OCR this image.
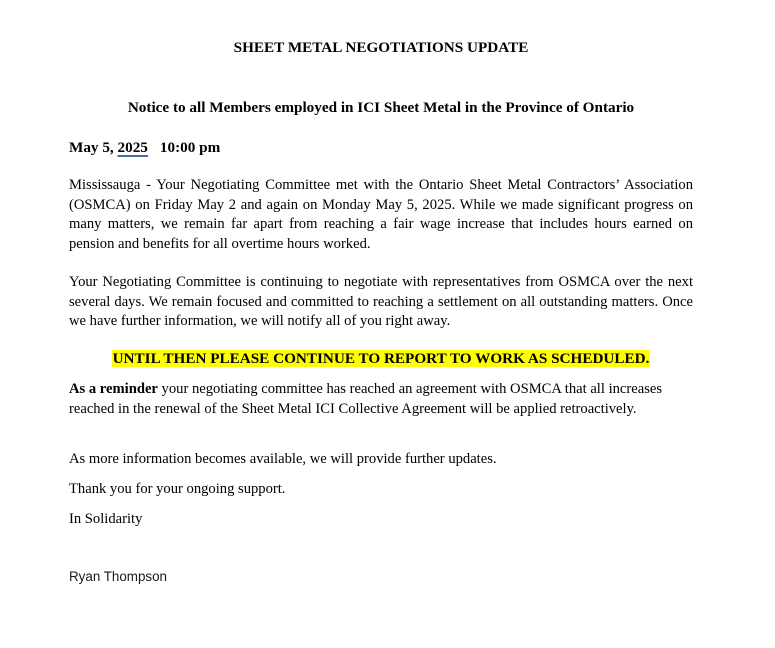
SHEET METAL NEGOTIATIONS UPDATE
Notice to all Members employed in ICI Sheet Metal in the Province of Ontario
May 5, 2025 10:00 pm

Mississauga - Your Negotiating Committee met with the Ontario Sheet Metal Contractors’ Association (OSMCA) on Friday May 2 and again on Monday May 5, 2025. While we made significant progress on many matters, we remain far apart from reaching a fair wage increase that includes hours earned on pension and benefits for all overtime hours worked.

Your Negotiating Committee is continuing to negotiate with representatives from OSMCA over the next several days. We remain focused and committed to reaching a settlement on all outstanding matters. Once we have further information, we will notify all of you right away.

UNTIL THEN PLEASE CONTINUE TO REPORT TO WORK AS SCHEDULED.

As a reminder your negotiating committee has reached an agreement with OSMCA that all increases reached in the renewal of the Sheet Metal ICI Collective Agreement will be applied retroactively.

As more information becomes available, we will provide further updates.

Thank you for your ongoing support.

In Solidarity

Ryan Thompson
